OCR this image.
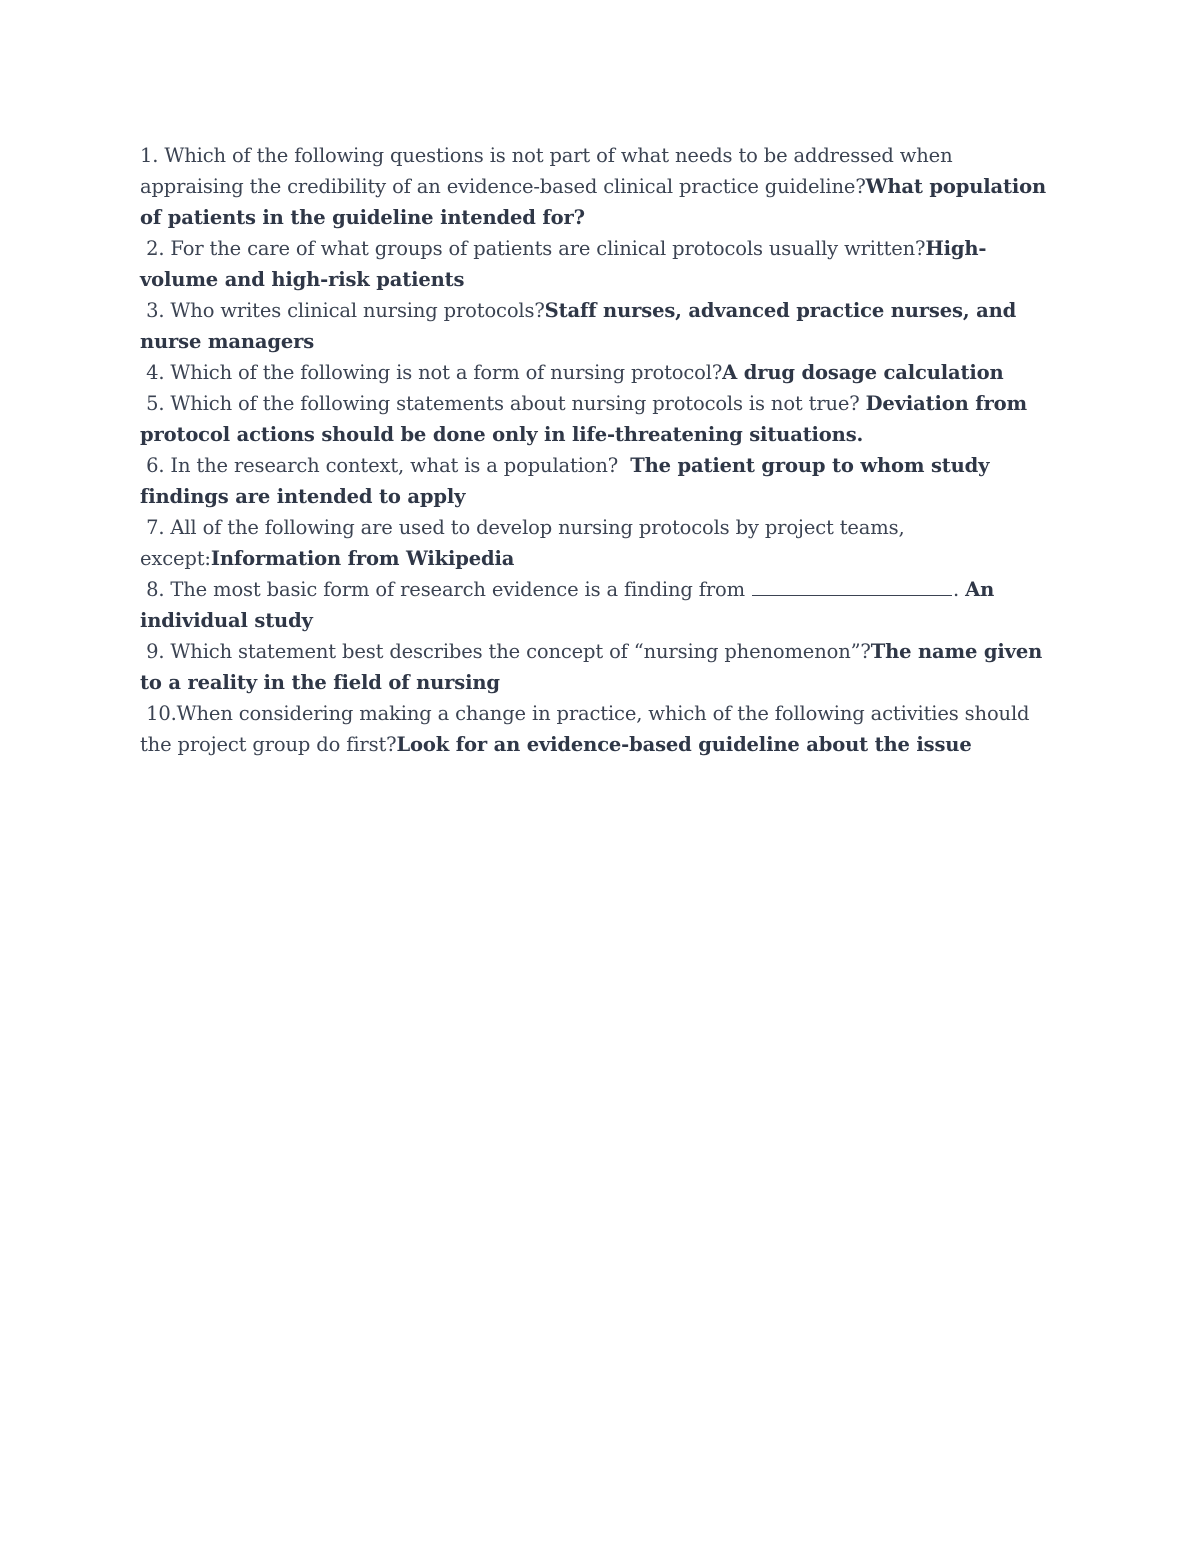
1. Which of the following questions is not part of what needs to be addressed when appraising the credibility of an evidence-based clinical practice guideline?What population of patients in the guideline intended for?

2. For the care of what groups of patients are clinical protocols usually written?High-volume and high-risk patients

3. Who writes clinical nursing protocols?Staff nurses, advanced practice nurses, and nurse managers

4. Which of the following is not a form of nursing protocol?A drug dosage calculation

5. Which of the following statements about nursing protocols is not true? Deviation from protocol actions should be done only in life-threatening situations.

6. In the research context, what is a population?  The patient group to whom study findings are intended to apply

7. All of the following are used to develop nursing protocols by project teams, except:Information from Wikipedia

8. The most basic form of research evidence is a finding from	. An individual study

9. Which statement best describes the concept of “nursing phenomenon”?The name given to a reality in the field of nursing

10.When considering making a change in practice, which of the following activities should the project group do first?Look for an evidence-based guideline about the issue
